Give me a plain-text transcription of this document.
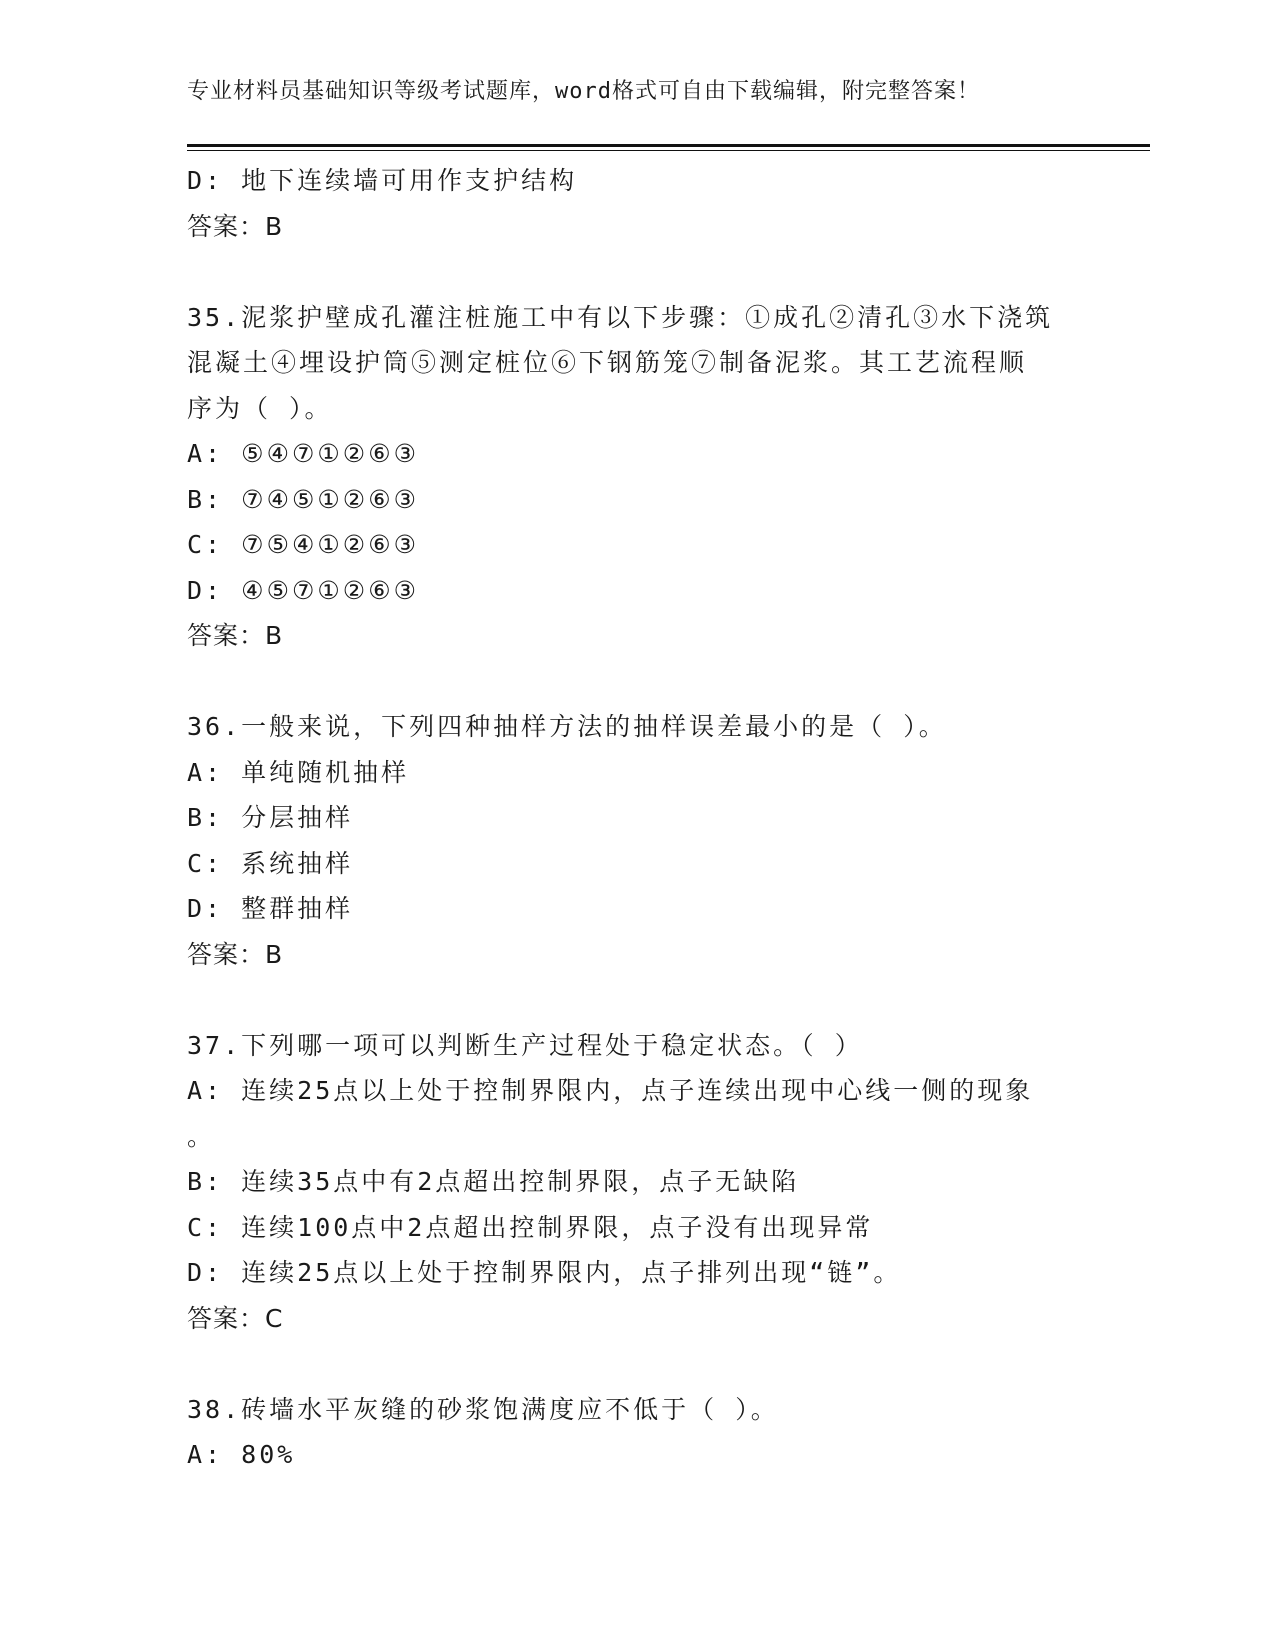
专业材料员基础知识等级考试题库，word格式可自由下载编辑，附完整答案！
D: 地下连续墙可用作支护结构
答案：B
35.泥浆护壁成孔灌注桩施工中有以下步骤：①成孔②清孔③水下浇筑
混凝土④埋设护筒⑤测定桩位⑥下钢筋笼⑦制备泥浆。其工艺流程顺
序为（ ）。
A: ⑤④⑦①②⑥③
B: ⑦④⑤①②⑥③
C: ⑦⑤④①②⑥③
D: ④⑤⑦①②⑥③
答案：B
36.一般来说，下列四种抽样方法的抽样误差最小的是（ ）。
A: 单纯随机抽样
B: 分层抽样
C: 系统抽样
D: 整群抽样
答案：B
37.下列哪一项可以判断生产过程处于稳定状态。（ ）
A: 连续25点以上处于控制界限内，点子连续出现中心线一侧的现象
。
B: 连续35点中有2点超出控制界限，点子无缺陷
C: 连续100点中2点超出控制界限，点子没有出现异常
D: 连续25点以上处于控制界限内，点子排列出现“链”。
答案：C
38.砖墙水平灰缝的砂浆饱满度应不低于（ ）。
A: 80%
